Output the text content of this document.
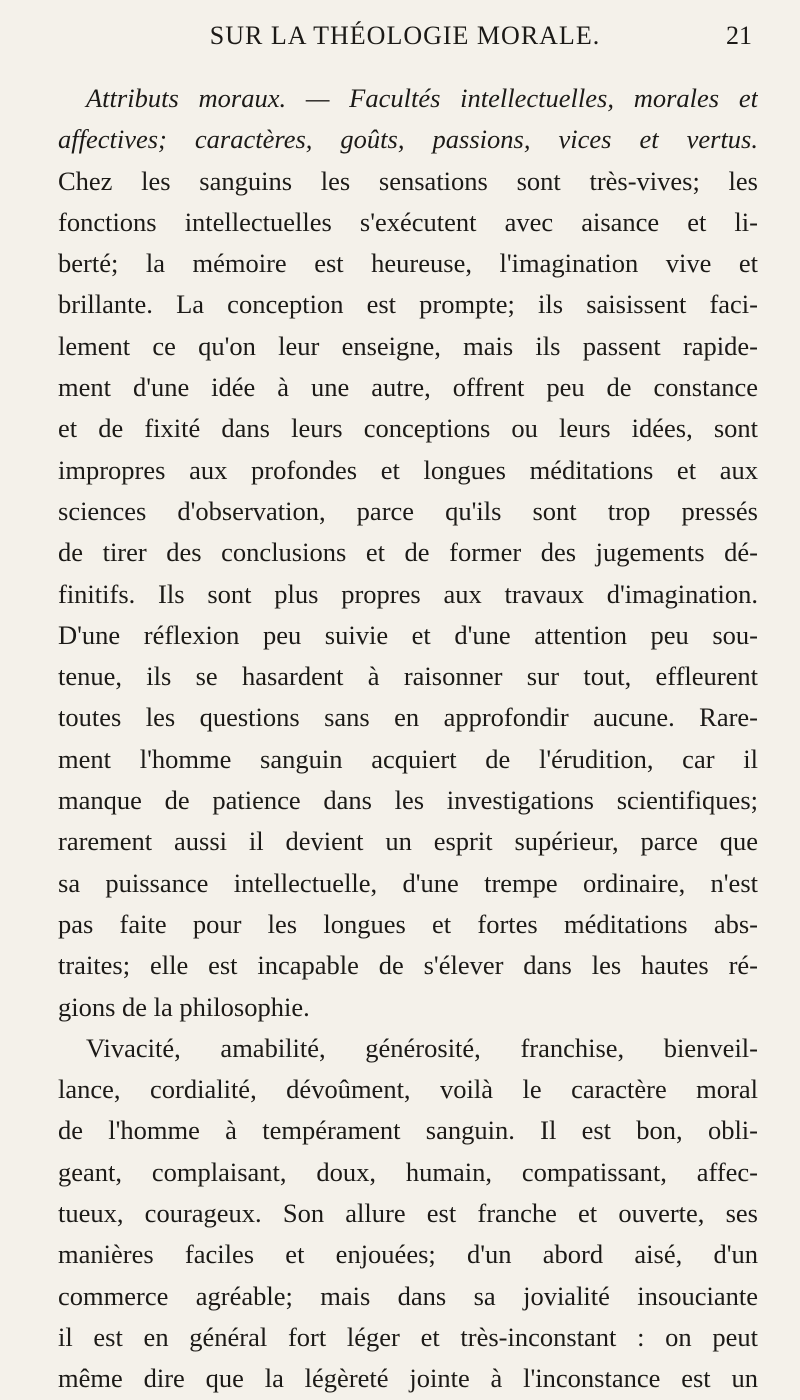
SUR LA THÉOLOGIE MORALE.	21
Attributs moraux. — Facultés intellectuelles, morales et
affectives; caractères, goûts, passions, vices et vertus.
Chez les sanguins les sensations sont très-vives; les
fonctions intellectuelles s'exécutent avec aisance et li-
berté; la mémoire est heureuse, l'imagination vive et
brillante. La conception est prompte; ils saisissent faci-
lement ce qu'on leur enseigne, mais ils passent rapide-
ment d'une idée à une autre, offrent peu de constance
et de fixité dans leurs conceptions ou leurs idées, sont
impropres aux profondes et longues méditations et aux
sciences d'observation, parce qu'ils sont trop pressés
de tirer des conclusions et de former des jugements dé-
finitifs. Ils sont plus propres aux travaux d'imagination.
D'une réflexion peu suivie et d'une attention peu sou-
tenue, ils se hasardent à raisonner sur tout, effleurent
toutes les questions sans en approfondir aucune. Rare-
ment l'homme sanguin acquiert de l'érudition, car il
manque de patience dans les investigations scientifiques;
rarement aussi il devient un esprit supérieur, parce que
sa puissance intellectuelle, d'une trempe ordinaire, n'est
pas faite pour les longues et fortes méditations abs-
traites; elle est incapable de s'élever dans les hautes ré-
gions de la philosophie.
Vivacité, amabilité, générosité, franchise, bienveil-
lance, cordialité, dévoûment, voilà le caractère moral
de l'homme à tempérament sanguin. Il est bon, obli-
geant, complaisant, doux, humain, compatissant, affec-
tueux, courageux. Son allure est franche et ouverte, ses
manières faciles et enjouées; d'un abord aisé, d'un
commerce agréable; mais dans sa jovialité insouciante
il est en général fort léger et très-inconstant : on peut
même dire que la légèreté jointe à l'inconstance est un
